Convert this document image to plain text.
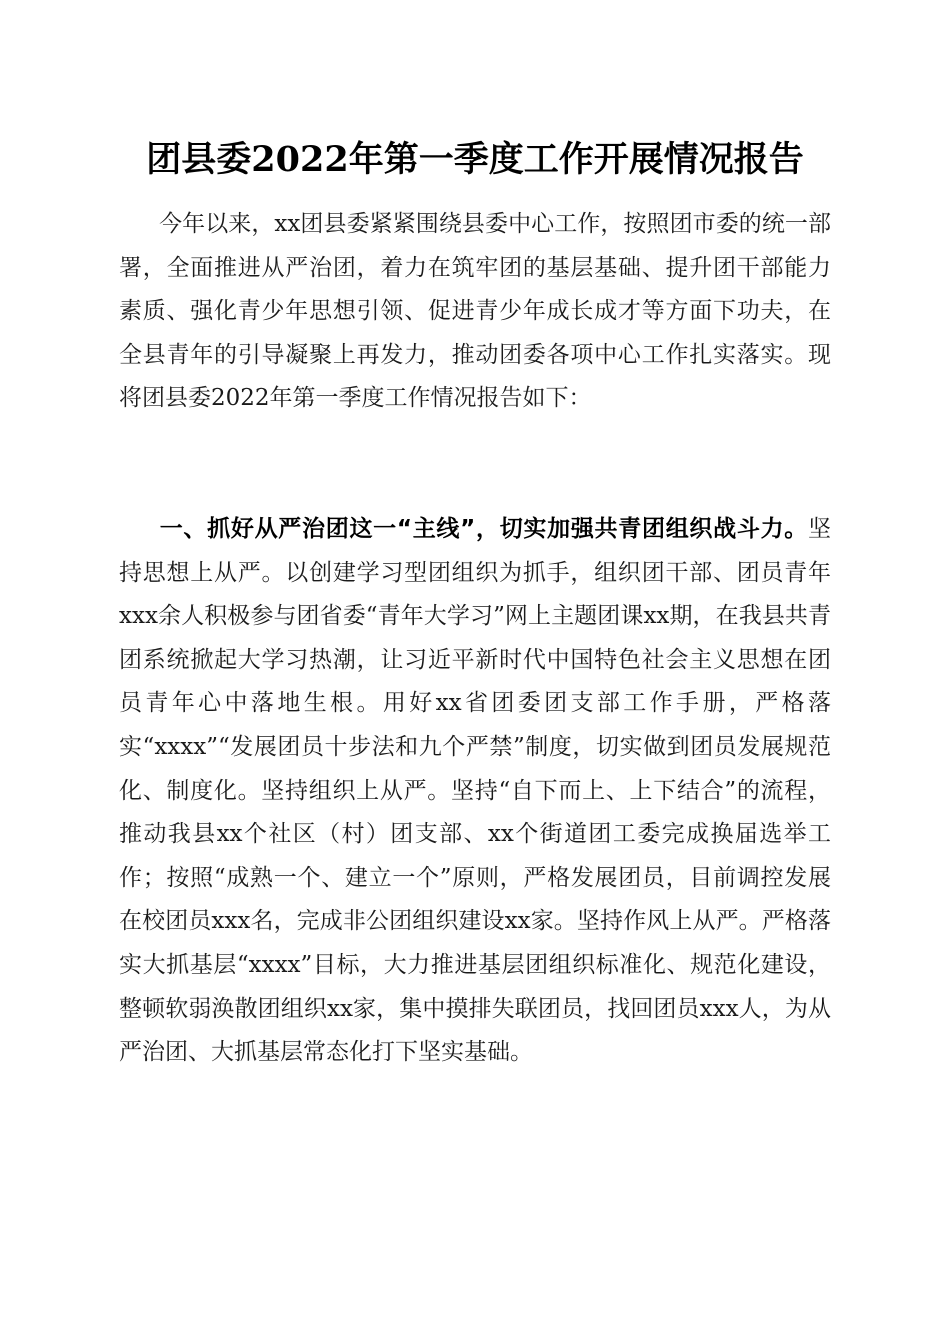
团县委2022年第一季度工作开展情况报告

今年以来，xx团县委紧紧围绕县委中心工作，按照团市委的统一部署，全面推进从严治团，着力在筑牢团的基层基础、提升团干部能力素质、强化青少年思想引领、促进青少年成长成才等方面下功夫，在全县青年的引导凝聚上再发力，推动团委各项中心工作扎实落实。现将团县委2022年第一季度工作情况报告如下：

一、抓好从严治团这一“主线”，切实加强共青团组织战斗力。坚持思想上从严。以创建学习型团组织为抓手，组织团干部、团员青年xxx余人积极参与团省委“青年大学习”网上主题团课xx期，在我县共青团系统掀起大学习热潮，让习近平新时代中国特色社会主义思想在团员青年心中落地生根。用好xx省团委团支部工作手册，严格落实“xxxx”“发展团员十步法和九个严禁”制度，切实做到团员发展规范化、制度化。坚持组织上从严。坚持“自下而上、上下结合”的流程，推动我县xx个社区（村）团支部、xx个街道团工委完成换届选举工作；按照“成熟一个、建立一个”原则，严格发展团员，目前调控发展在校团员xxx名，完成非公团组织建设xx家。坚持作风上从严。严格落实大抓基层“xxxx”目标，大力推进基层团组织标准化、规范化建设，整顿软弱涣散团组织xx家，集中摸排失联团员，找回团员xxx人，为从严治团、大抓基层常态化打下坚实基础。
